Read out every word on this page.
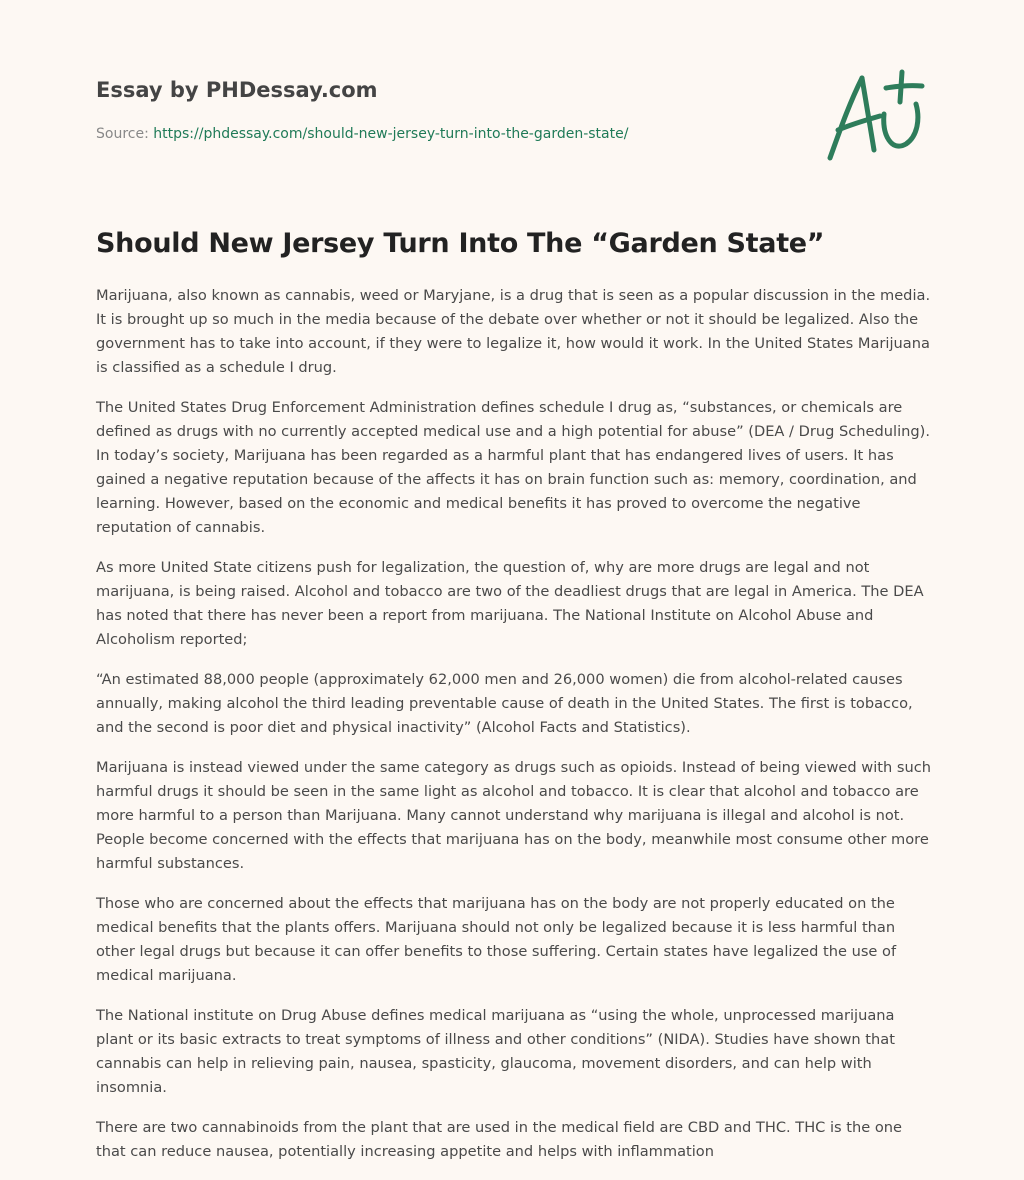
Essay by PHDessay.com
Source: https://phdessay.com/should-new-jersey-turn-into-the-garden-state/
Should New Jersey Turn Into The “Garden State”

Marijuana, also known as cannabis, weed or Maryjane, is a drug that is seen as a popular discussion in the media. It is brought up so much in the media because of the debate over whether or not it should be legalized. Also the government has to take into account, if they were to legalize it, how would it work. In the United States Marijuana is classified as a schedule I drug.

The United States Drug Enforcement Administration defines schedule I drug as, “substances, or chemicals are defined as drugs with no currently accepted medical use and a high potential for abuse” (DEA / Drug Scheduling). In today’s society, Marijuana has been regarded as a harmful plant that has endangered lives of users. It has gained a negative reputation because of the affects it has on brain function such as: memory, coordination, and learning. However, based on the economic and medical benefits it has proved to overcome the negative reputation of cannabis.

As more United State citizens push for legalization, the question of, why are more drugs are legal and not marijuana, is being raised. Alcohol and tobacco are two of the deadliest drugs that are legal in America. The DEA has noted that there has never been a report from marijuana. The National Institute on Alcohol Abuse and Alcoholism reported;

“An estimated 88,000 people (approximately 62,000 men and 26,000 women) die from alcohol-related causes annually, making alcohol the third leading preventable cause of death in the United States. The first is tobacco, and the second is poor diet and physical inactivity” (Alcohol Facts and Statistics).

Marijuana is instead viewed under the same category as drugs such as opioids. Instead of being viewed with such harmful drugs it should be seen in the same light as alcohol and tobacco. It is clear that alcohol and tobacco are more harmful to a person than Marijuana. Many cannot understand why marijuana is illegal and alcohol is not. People become concerned with the effects that marijuana has on the body, meanwhile most consume other more harmful substances.

Those who are concerned about the effects that marijuana has on the body are not properly educated on the medical benefits that the plants offers. Marijuana should not only be legalized because it is less harmful than other legal drugs but because it can offer benefits to those suffering. Certain states have legalized the use of medical marijuana.

The National institute on Drug Abuse defines medical marijuana as “using the whole, unprocessed marijuana plant or its basic extracts to treat symptoms of illness and other conditions” (NIDA). Studies have shown that cannabis can help in relieving pain, nausea, spasticity, glaucoma, movement disorders, and can help with insomnia.

There are two cannabinoids from the plant that are used in the medical field are CBD and THC. THC is the one that can reduce nausea, potentially increasing appetite and helps with inflammation
